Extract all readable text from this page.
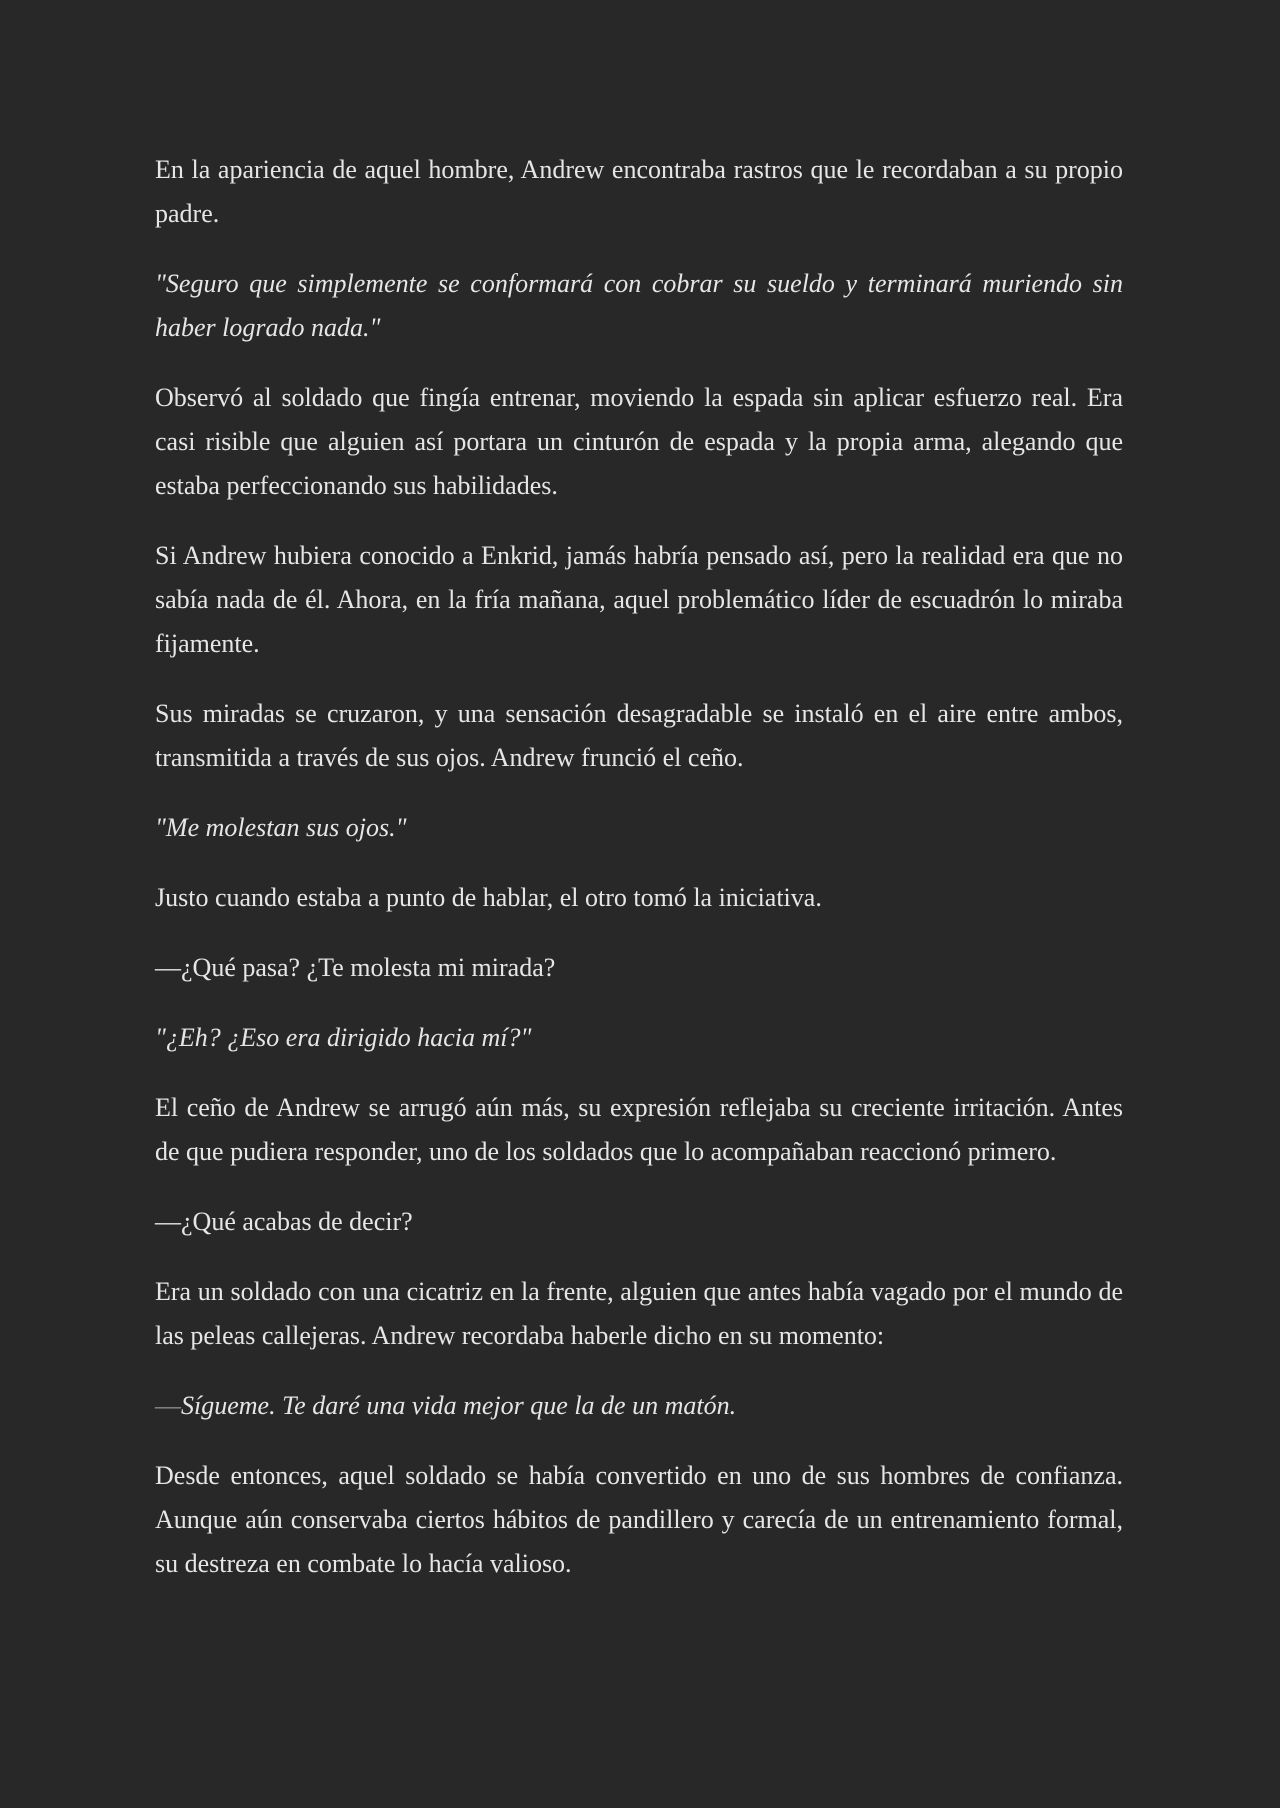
En la apariencia de aquel hombre, Andrew encontraba rastros que le recordaban a su propio padre.

"Seguro que simplemente se conformará con cobrar su sueldo y terminará muriendo sin haber logrado nada."

Observó al soldado que fingía entrenar, moviendo la espada sin aplicar esfuerzo real. Era casi risible que alguien así portara un cinturón de espada y la propia arma, alegando que estaba perfeccionando sus habilidades.

Si Andrew hubiera conocido a Enkrid, jamás habría pensado así, pero la realidad era que no sabía nada de él. Ahora, en la fría mañana, aquel problemático líder de escuadrón lo miraba fijamente.

Sus miradas se cruzaron, y una sensación desagradable se instaló en el aire entre ambos, transmitida a través de sus ojos. Andrew frunció el ceño.

"Me molestan sus ojos."

Justo cuando estaba a punto de hablar, el otro tomó la iniciativa.

—¿Qué pasa? ¿Te molesta mi mirada?

"¿Eh? ¿Eso era dirigido hacia mí?"

El ceño de Andrew se arrugó aún más, su expresión reflejaba su creciente irritación. Antes de que pudiera responder, uno de los soldados que lo acompañaban reaccionó primero.

—¿Qué acabas de decir?

Era un soldado con una cicatriz en la frente, alguien que antes había vagado por el mundo de las peleas callejeras. Andrew recordaba haberle dicho en su momento:

—Sígueme. Te daré una vida mejor que la de un matón.

Desde entonces, aquel soldado se había convertido en uno de sus hombres de confianza. Aunque aún conservaba ciertos hábitos de pandillero y carecía de un entrenamiento formal, su destreza en combate lo hacía valioso.
